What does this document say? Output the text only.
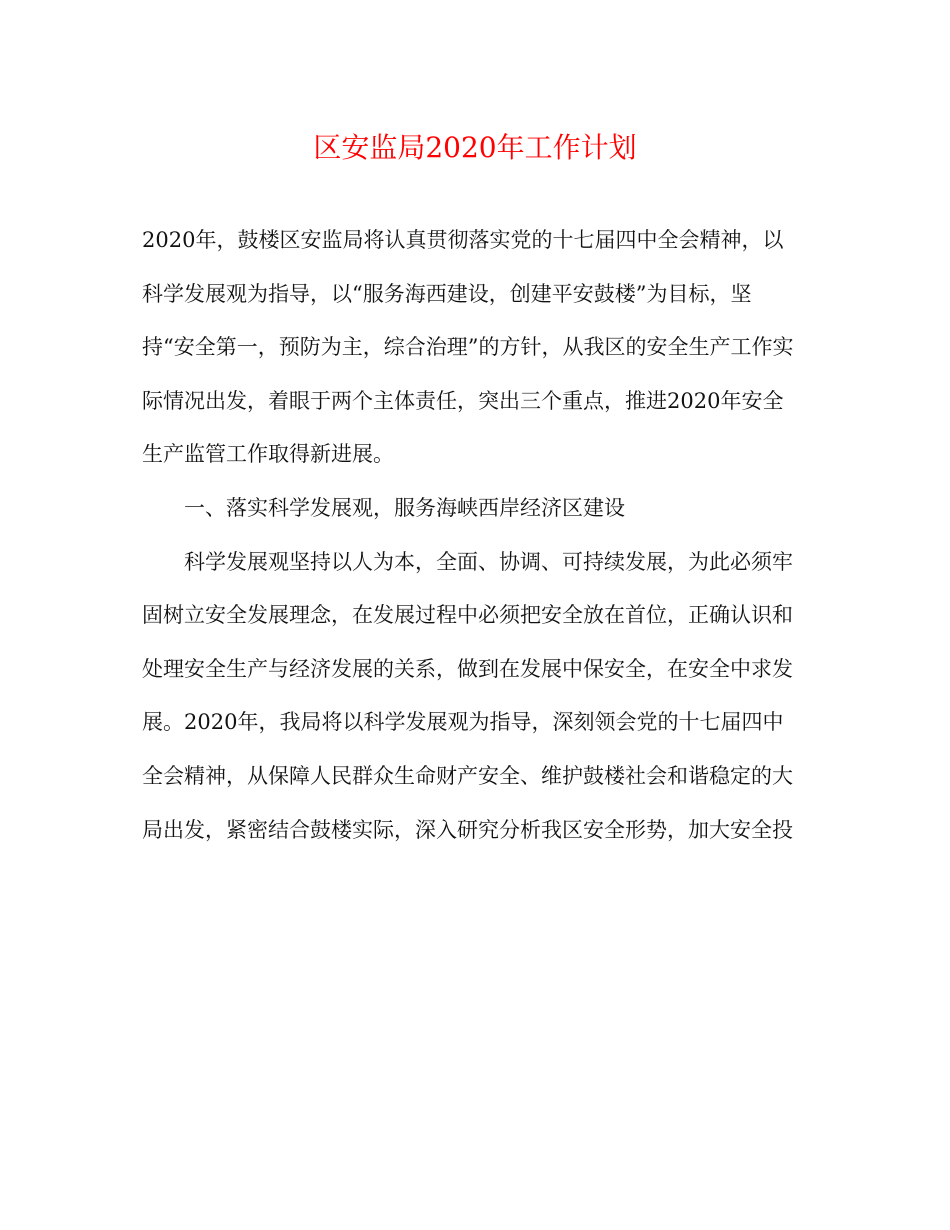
区安监局2020年工作计划
2020年，鼓楼区安监局将认真贯彻落实党的十七届四中全会精神，以
科学发展观为指导，以“服务海西建设，创建平安鼓楼”为目标，坚
持“安全第一，预防为主，综合治理”的方针，从我区的安全生产工作实
际情况出发，着眼于两个主体责任，突出三个重点，推进2020年安全
生产监管工作取得新进展。
一、落实科学发展观，服务海峡西岸经济区建设
科学发展观坚持以人为本，全面、协调、可持续发展，为此必须牢
固树立安全发展理念，在发展过程中必须把安全放在首位，正确认识和
处理安全生产与经济发展的关系，做到在发展中保安全，在安全中求发
展。2020年，我局将以科学发展观为指导，深刻领会党的十七届四中
全会精神，从保障人民群众生命财产安全、维护鼓楼社会和谐稳定的大
局出发，紧密结合鼓楼实际，深入研究分析我区安全形势，加大安全投
